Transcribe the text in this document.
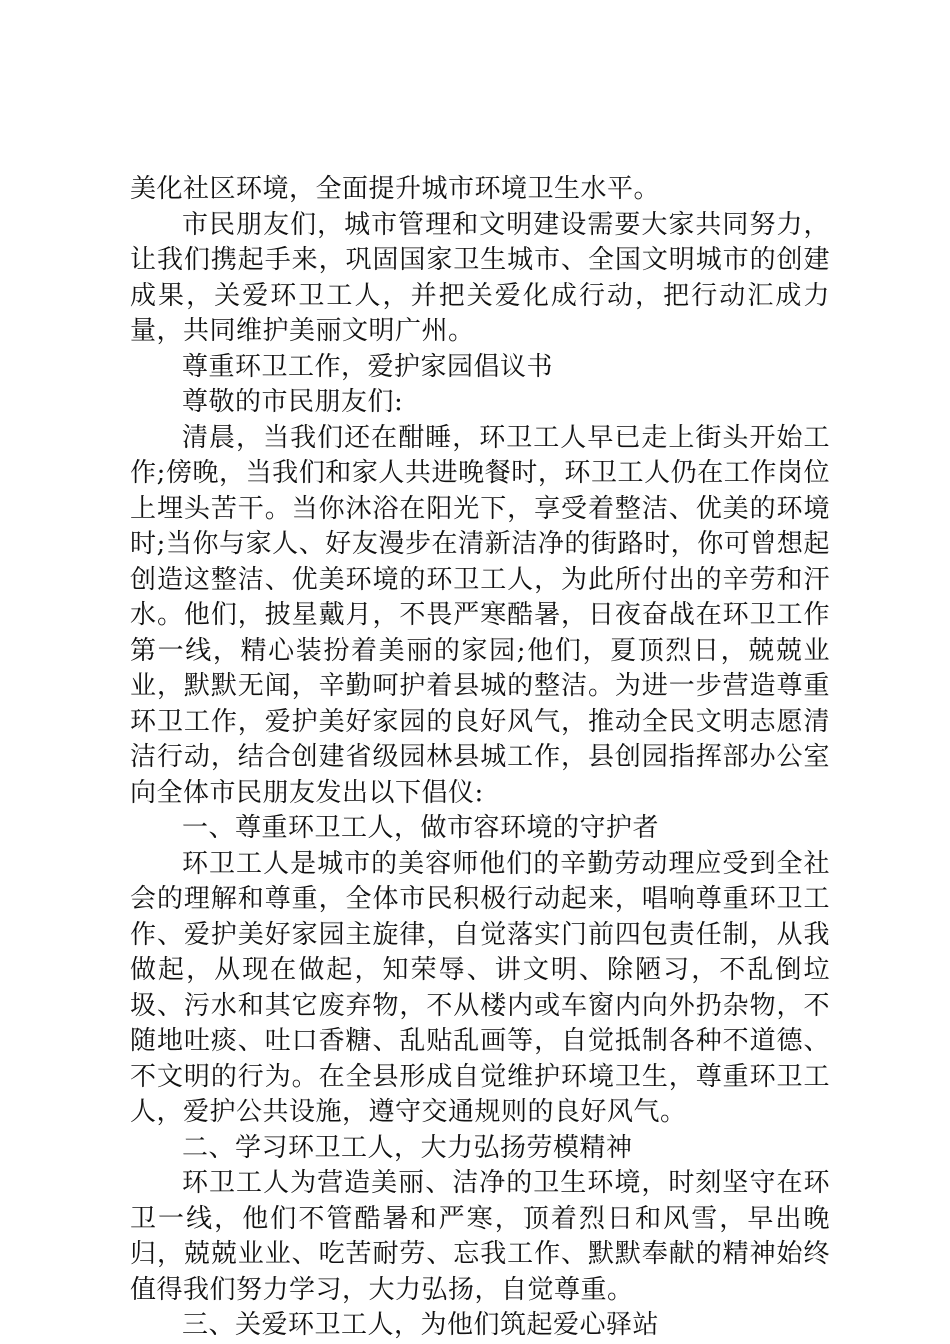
美化社区环境，全面提升城市环境卫生水平。

市民朋友们，城市管理和文明建设需要大家共同努力，让我们携起手来，巩固国家卫生城市、全国文明城市的创建成果，关爱环卫工人，并把关爱化成行动，把行动汇成力量，共同维护美丽文明广州。

尊重环卫工作，爱护家园倡议书

尊敬的市民朋友们:

清晨，当我们还在酣睡，环卫工人早已走上街头开始工作;傍晚，当我们和家人共进晚餐时，环卫工人仍在工作岗位上埋头苦干。当你沐浴在阳光下，享受着整洁、优美的环境时;当你与家人、好友漫步在清新洁净的街路时，你可曾想起创造这整洁、优美环境的环卫工人，为此所付出的辛劳和汗水。他们，披星戴月，不畏严寒酷暑，日夜奋战在环卫工作第一线，精心装扮着美丽的家园;他们，夏顶烈日，兢兢业业，默默无闻，辛勤呵护着县城的整洁。为进一步营造尊重环卫工作，爱护美好家园的良好风气，推动全民文明志愿清洁行动，结合创建省级园林县城工作，县创园指挥部办公室向全体市民朋友发出以下倡仪:

一、尊重环卫工人，做市容环境的守护者

环卫工人是城市的美容师他们的辛勤劳动理应受到全社会的理解和尊重，全体市民积极行动起来，唱响尊重环卫工作、爱护美好家园主旋律，自觉落实门前四包责任制，从我做起，从现在做起，知荣辱、讲文明、除陋习，不乱倒垃圾、污水和其它废弃物，不从楼内或车窗内向外扔杂物，不随地吐痰、吐口香糖、乱贴乱画等，自觉抵制各种不道德、不文明的行为。在全县形成自觉维护环境卫生，尊重环卫工人，爱护公共设施，遵守交通规则的良好风气。

二、学习环卫工人，大力弘扬劳模精神

环卫工人为营造美丽、洁净的卫生环境，时刻坚守在环卫一线，他们不管酷暑和严寒，顶着烈日和风雪，早出晚归，兢兢业业、吃苦耐劳、忘我工作、默默奉献的精神始终值得我们努力学习，大力弘扬，自觉尊重。

三、关爱环卫工人，为他们筑起爱心驿站
